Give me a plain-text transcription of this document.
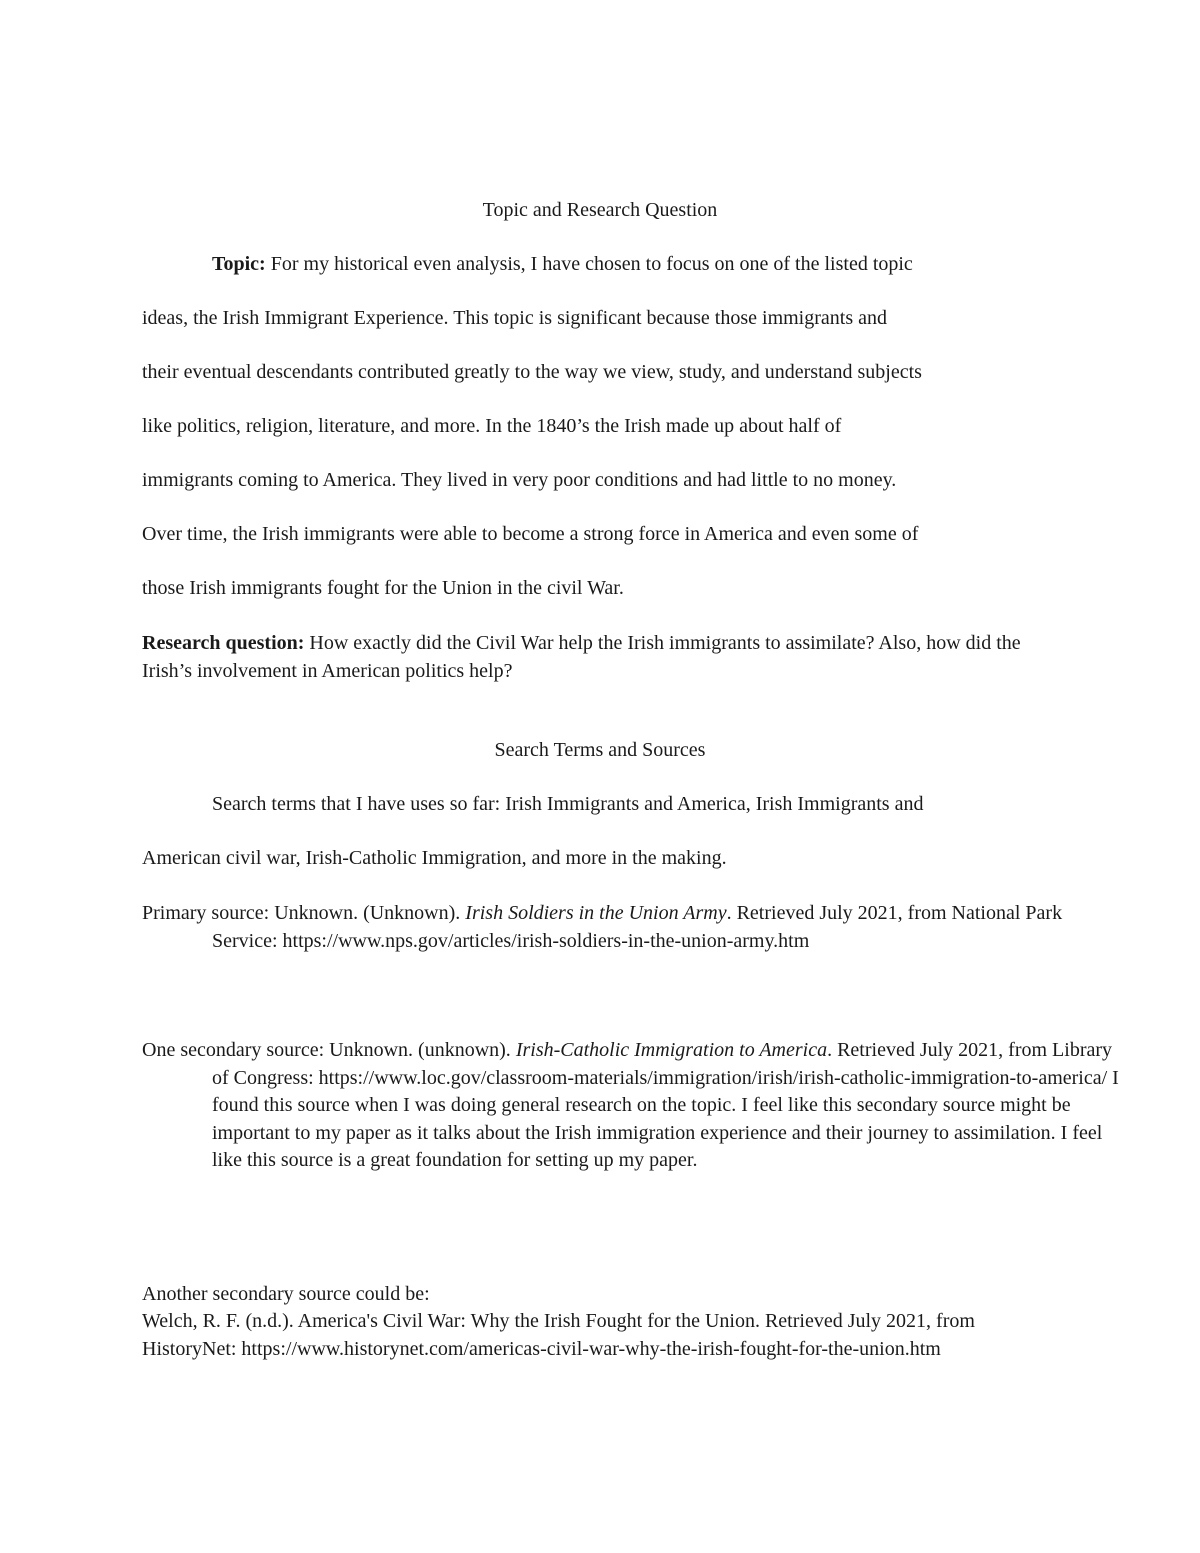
Topic and Research Question

Topic: For my historical even analysis, I have chosen to focus on one of the listed topic

ideas, the Irish Immigrant Experience. This topic is significant because those immigrants and

their eventual descendants contributed greatly to the way we view, study, and understand subjects

like politics, religion, literature, and more. In the 1840’s the Irish made up about half of

immigrants coming to America. They lived in very poor conditions and had little to no money.

Over time, the Irish immigrants were able to become a strong force in America and even some of

those Irish immigrants fought for the Union in the civil War.

Research question: How exactly did the Civil War help the Irish immigrants to assimilate? Also, how did the Irish’s involvement in American politics help?

Search Terms and Sources

Search terms that I have uses so far: Irish Immigrants and America, Irish Immigrants and

American civil war, Irish-Catholic Immigration, and more in the making.

Primary source: Unknown. (Unknown). Irish Soldiers in the Union Army. Retrieved July 2021, from National Park Service: https://www.nps.gov/articles/irish-soldiers-in-the-union-army.htm

One secondary source: Unknown. (unknown). Irish-Catholic Immigration to America. Retrieved July 2021, from Library of Congress: https://www.loc.gov/classroom-materials/immigration/irish/irish-catholic-immigration-to-america/ I found this source when I was doing general research on the topic. I feel like this secondary source might be important to my paper as it talks about the Irish immigration experience and their journey to assimilation. I feel like this source is a great foundation for setting up my paper.

Another secondary source could be:

Welch, R. F. (n.d.). America's Civil War: Why the Irish Fought for the Union. Retrieved July 2021, from HistoryNet: https://www.historynet.com/americas-civil-war-why-the-irish-fought-for-the-union.htm
